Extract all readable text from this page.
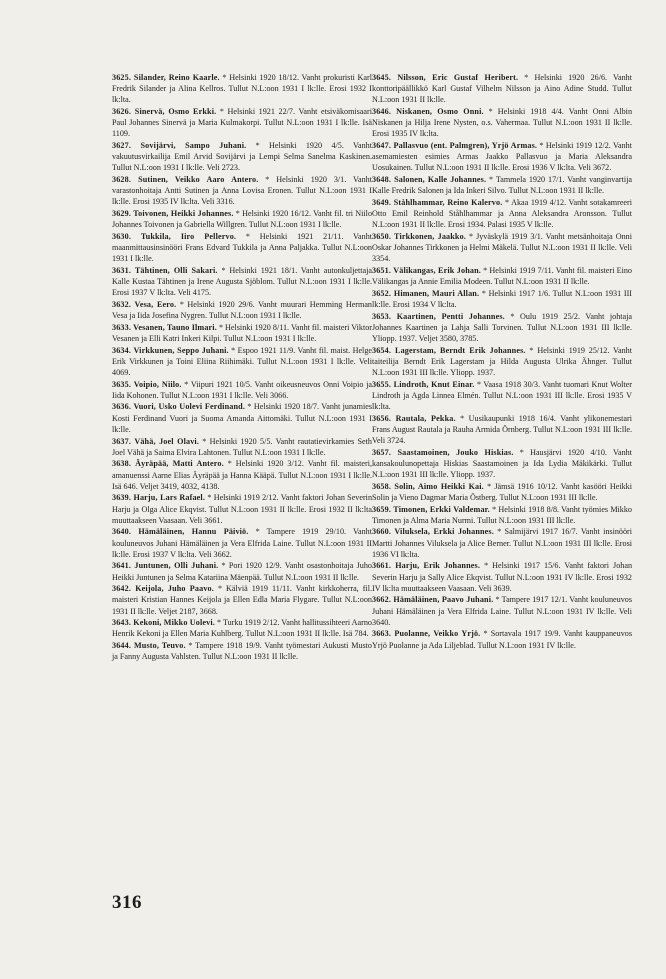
3625. Silander, Reino Kaarle. * Helsinki 1920 18/12. Vanht prokuristi Karl Fredrik Silander ja Alina Kellros. Tullut N.L:oon 1931 I lk:lle. Erosi 1932 I lk:lta.

3626. Sinervä, Osmo Erkki. * Helsinki 1921 22/7. Vanht etsiväkomisaari Paul Johannes Sinervä ja Maria Kulmakorpi. Tullut N.L:oon 1931 I lk:lle. Isä 1109.

3627. Sovijärvi, Sampo Juhani. * Helsinki 1920 4/5. Vanht vakuutusvirkailija Emil Arvid Sovijärvi ja Lempi Selma Sanelma Kaskinen. Tullut N.L:oon 1931 I lk:lle. Veli 2723.

3628. Sutinen, Veikko Aaro Antero. * Helsinki 1920 3/1. Vanht varastonhoitaja Antti Sutinen ja Anna Lovisa Eronen. Tullut N.L:oon 1931 I lk:lle. Erosi 1935 IV lk:lta. Veli 3316.

3629. Toivonen, Heikki Johannes. * Helsinki 1920 16/12. Vanht fil. tri Niilo Johannes Toivonen ja Gabriella Willgren. Tullut N.L:oon 1931 I lk:lle.

3630. Tukkila, Iiro Pellervo. * Helsinki 1921 21/11. Vanht maanmittausinsinööri Frans Edvard Tukkila ja Anna Paljakka. Tullut N.L:oon 1931 I lk:lle.

3631. Tähtinen, Olli Sakari. * Helsinki 1921 18/1. Vanht autonkuljettaja Kalle Kustaa Tähtinen ja Irene Augusta Sjöblom. Tullut N.L:oon 1931 I lk:lle. Erosi 1937 V lk:lta. Veli 4175.

3632. Vesa, Eero. * Helsinki 1920 29/6. Vanht muurari Hemming Herman Vesa ja Iida Josefina Nygren. Tullut N.L:oon 1931 I lk:lle.

3633. Vesanen, Tauno Ilmari. * Helsinki 1920 8/11. Vanht fil. maisteri Viktor Vesanen ja Elli Katri Inkeri Kilpi. Tullut N.L:oon 1931 I lk:lle.

3634. Virkkunen, Seppo Juhani. * Espoo 1921 11/9. Vanht fil. maist. Helge Erik Virkkunen ja Toini Eliina Riihimäki. Tullut N.L:oon 1931 I lk:lle. Veli 4069.

3635. Voipio, Niilo. * Viipuri 1921 10/5. Vanht oikeusneuvos Onni Voipio ja Iida Kohonen. Tullut N.L:oon 1931 I lk:lle. Veli 3066.

3636. Vuori, Usko Uolevi Ferdinand. * Helsinki 1920 18/7. Vanht junamies Kosti Ferdinand Vuori ja Suoma Amanda Aittomäki. Tullut N.L:oon 1931 I lk:lle.

3637. Vähä, Joel Olavi. * Helsinki 1920 5/5. Vanht rautatievirkamies Seth Joel Vähä ja Saima Elvira Lahtonen. Tullut N.L:oon 1931 I lk:lle.

3638. Äyräpää, Matti Antero. * Helsinki 1920 3/12. Vanht fil. maisteri, amanuenssi Aarne Elias Äyräpää ja Hanna Kääpä. Tullut N.L:oon 1931 I lk:lle. Isä 646. Veljet 3419, 4032, 4138.

3639. Harju, Lars Rafael. * Helsinki 1919 2/12. Vanht faktori Johan Severin Harju ja Olga Alice Ekqvist. Tullut N.L:oon 1931 II lk:lle. Erosi 1932 II lk:lta muuttaakseen Vaasaan. Veli 3661.

3640. Hämäläinen, Hannu Päiviö. * Tampere 1919 29/10. Vanht kouluneuvos Juhani Hämäläinen ja Vera Elfrida Laine. Tullut N.L:oon 1931 II lk:lle. Erosi 1937 V lk:lta. Veli 3662.

3641. Juntunen, Olli Juhani. * Pori 1920 12/9. Vanht osastonhoitaja Juho Heikki Juntunen ja Selma Katariina Mäenpää. Tullut N.L:oon 1931 II lk:lle.

3642. Keijola, Juho Paavo. * Kälviä 1919 11/11. Vanht kirkkoherra, fil. maisteri Kristian Hannes Keijola ja Ellen Edla Maria Flygare. Tullut N.L:oon 1931 II lk:lle. Veljet 2187, 3668.

3643. Kekoni, Mikko Uolevi. * Turku 1919 2/12. Vanht hallitussihteeri Aarno Henrik Kekoni ja Ellen Maria Kuhlberg. Tullut N.L:oon 1931 II lk:lle. Isä 784.

3644. Musto, Teuvo. * Tampere 1918 19/9. Vanht työmestari Aukusti Musto ja Fanny Augusta Vahlsten. Tullut N.L:oon 1931 II lk:lle.

3645. Nilsson, Eric Gustaf Heribert. * Helsinki 1920 26/6. Vanht konttoripäällikkö Karl Gustaf Vilhelm Nilsson ja Aino Adine Studd. Tullut N.L:oon 1931 II lk:lle.

3646. Niskanen, Osmo Onni. * Helsinki 1918 4/4. Vanht Onni Albin Niskanen ja Hilja Irene Nysten, o.s. Vahermaa. Tullut N.L:oon 1931 II lk:lle. Erosi 1935 IV lk:lta.

3647. Pallasvuo (ent. Palmgren), Yrjö Armas. * Helsinki 1919 12/2. Vanht asemamiesten esimies Armas Jaakko Pallasvuo ja Maria Aleksandra Uosukainen. Tullut N.L:oon 1931 II lk:lle. Erosi 1936 V lk:lta. Veli 3672.

3648. Salonen, Kalle Johannes. * Tammela 1920 17/1. Vanht vanginvartija Kalle Fredrik Salonen ja Ida Inkeri Silvo. Tullut N.L:oon 1931 II lk:lle.

3649. Ståhlhammar, Reino Kalervo. * Akaa 1919 4/12. Vanht sotakamreeri Otto Emil Reinhold Ståhlhammar ja Anna Aleksandra Aronsson. Tullut N.L:oon 1931 II lk:lle. Erosi 1934. Palasi 1935 V lk:lle.

3650. Tirkkonen, Jaakko. * Jyväskylä 1919 3/1. Vanht metsänhoitaja Onni Oskar Johannes Tirkkonen ja Helmi Mäkelä. Tullut N.L:oon 1931 II lk:lle. Veli 3354.

3651. Välikangas, Erik Johan. * Helsinki 1919 7/11. Vanht fil. maisteri Eino Välikangas ja Annie Emilia Modeen. Tullut N.L:oon 1931 II lk:lle.

3652. Himanen, Mauri Allan. * Helsinki 1917 1/6. Tullut N.L:oon 1931 III lk:lle. Erosi 1934 V lk:lta.

3653. Kaartinen, Pentti Johannes. * Oulu 1919 25/2. Vanht johtaja Johannes Kaartinen ja Lahja Salli Torvinen. Tullut N.L:oon 1931 III lk:lle. Yliopp. 1937. Veljet 3580, 3785.

3654. Lagerstam, Berndt Erik Johannes. * Helsinki 1919 25/12. Vanht taiteilija Berndt Erik Lagerstam ja Hilda Augusta Ulrika Ähnger. Tullut N.L:oon 1931 III lk:lle. Yliopp. 1937.

3655. Lindroth, Knut Einar. * Vaasa 1918 30/3. Vanht tuomari Knut Wolter Lindroth ja Agda Linnea Elmén. Tullut N.L:oon 1931 III lk:lle. Erosi 1935 V lk:lta.

3656. Rautala, Pekka. * Uusikaupunki 1918 16/4. Vanht ylikonemestari Frans August Rautala ja Rauha Armida Örnberg. Tullut N.L:oon 1931 III lk:lle. Veli 3724.

3657. Saastamoinen, Jouko Hiskias. * Hausjärvi 1920 4/10. Vanht kansakoulunopettaja Hiskias Saastamoinen ja Ida Lydia Mäkikärki. Tullut N.L:oon 1931 III lk:lle. Yliopp. 1937.

3658. Solin, Aimo Heikki Kai. * Jämsä 1916 10/12. Vanht kasööri Heikki Solin ja Vieno Dagmar Maria Östberg. Tullut N.L:oon 1931 III lk:lle.

3659. Timonen, Erkki Valdemar. * Helsinki 1918 8/8. Vanht työmies Mikko Timonen ja Alma Maria Nurmi. Tullut N.L:oon 1931 III lk:lle.

3660. Viluksela, Erkki Johannes. * Salmijärvi 1917 16/7. Vanht insinööri Martti Johannes Viluksela ja Alice Berner. Tullut N.L:oon 1931 III lk:lle. Erosi 1936 VI lk:lta.

3661. Harju, Erik Johannes. * Helsinki 1917 15/6. Vanht faktori Johan Severin Harju ja Sally Alice Ekqvist. Tullut N.L:oon 1931 IV lk:lle. Erosi 1932 IV lk:lta muuttaakseen Vaasaan. Veli 3639.

3662. Hämäläinen, Paavo Juhani. * Tampere 1917 12/1. Vanht kouluneuvos Juhani Hämäläinen ja Vera Elfrida Laine. Tullut N.L:oon 1931 IV lk:lle. Veli 3640.

3663. Puolanne, Veikko Yrjö. * Sortavala 1917 19/9. Vanht kauppaneuvos Yrjö Puolanne ja Ada Liljeblad. Tullut N.L:oon 1931 IV lk:lle.

316
